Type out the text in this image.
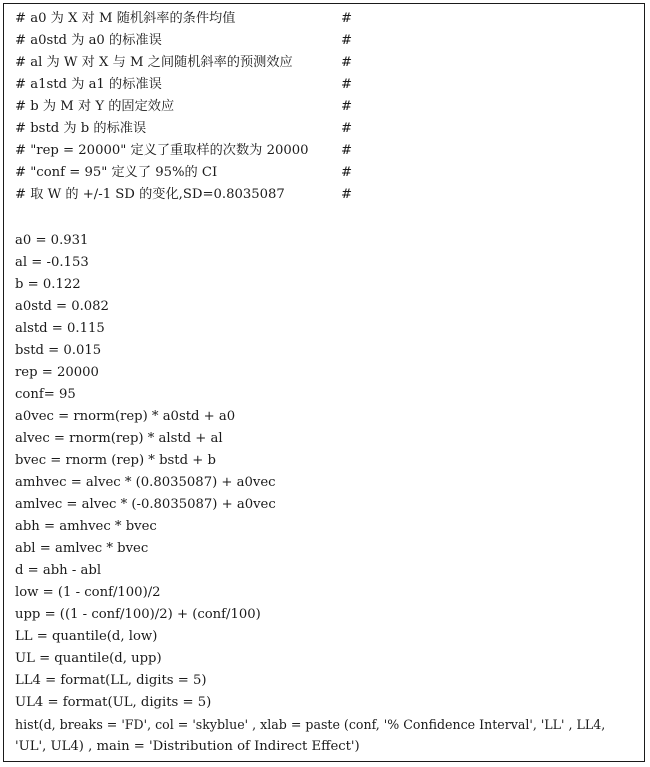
# a0 为 X 对 M 随机斜率的条件均值	#
# a0std 为 a0 的标准误	#
# al 为 W 对 X 与 M 之间随机斜率的预测效应	#
# a1std 为 a1 的标准误	#
# b 为 M 对 Y 的固定效应	#
# bstd 为 b 的标准误	#
# "rep = 20000" 定义了重取样的次数为 20000 #
# "conf = 95" 定义了 95%的 CI	#
# 取 W 的 +/-1 SD 的变化,SD=0.8035087	#
a0 = 0.931
al = -0.153
b = 0.122
a0std = 0.082
alstd = 0.115
bstd = 0.015
rep = 20000
conf= 95
a0vec = rnorm(rep) * a0std + a0
alvec = rnorm(rep) * alstd + al
bvec = rnorm (rep) * bstd + b
amhvec = alvec * (0.8035087) + a0vec
amlvec = alvec * (-0.8035087) + a0vec
abh = amhvec * bvec
abl = amlvec * bvec
d = abh - abl
low = (1 - conf/100)/2
upp = ((1 - conf/100)/2) + (conf/100)
LL = quantile(d, low)
UL = quantile(d, upp)
LL4 = format(LL, digits = 5)
UL4 = format(UL, digits = 5)
hist(d, breaks = 'FD', col = 'skyblue' , xlab = paste (conf, '% Confidence Interval', 'LL' , LL4,
'UL', UL4) , main = 'Distribution of Indirect Effect')
